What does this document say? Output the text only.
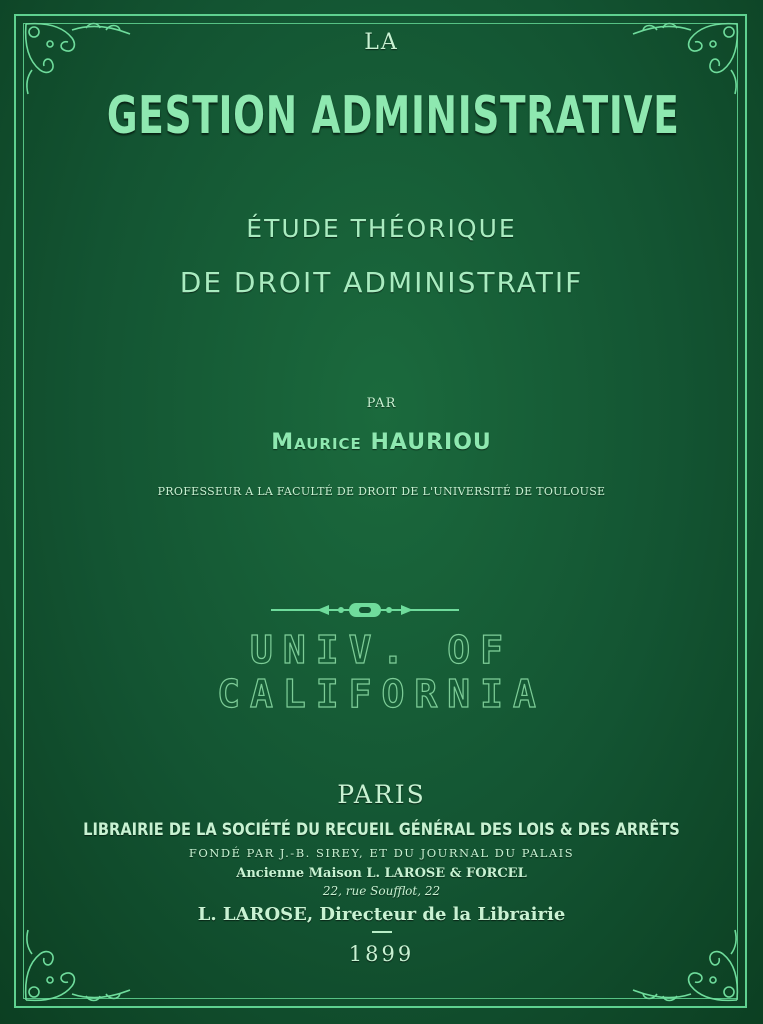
LA
GESTION ADMINISTRATIVE
ÉTUDE THÉORIQUE
DE DROIT ADMINISTRATIF
PAR
Maurice HAURIOU
PROFESSEUR A LA FACULTÉ DE DROIT DE L'UNIVERSITÉ DE TOULOUSE
UNIV. OF
CALIFORNIA
PARIS
LIBRAIRIE DE LA SOCIÉTÉ DU RECUEIL GÉNÉRAL DES LOIS & DES ARRÊTS
FONDÉ PAR J.-B. SIREY, ET DU JOURNAL DU PALAIS
Ancienne Maison L. LAROSE & FORCEL
22, rue Soufflot, 22
L. LAROSE, Directeur de la Librairie
1899
